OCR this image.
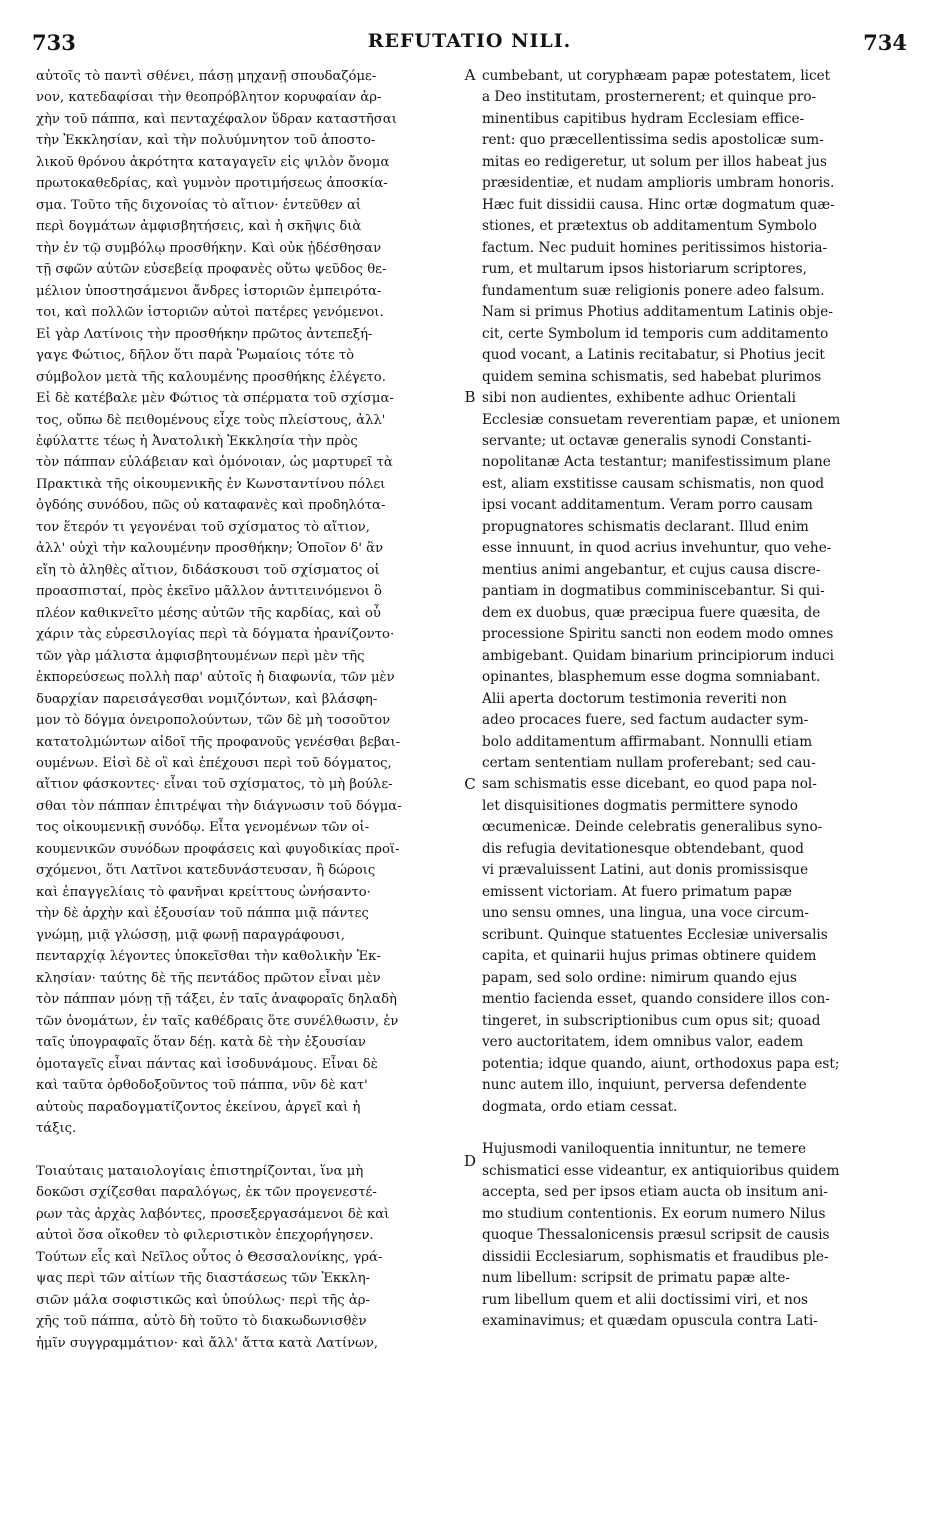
733	REFUTATIO NILI.	734
αὐτοῖς τὸ παντὶ σθένει, πάσῃ μηχανῇ σπουδαζόμε-
νον, κατεδαφίσαι τὴν θεοπρόβλητον κορυφαίαν ἀρ-
χὴν τοῦ πάππα, καὶ πενταχέφαλον ὕδραν καταστῆσαι
τὴν Ἐκκλησίαν, καὶ τὴν πολυύμνητον τοῦ ἀποστο-
λικοῦ θρόνου ἀκρότητα καταγαγεῖν εἰς ψιλὸν ὄνομα
πρωτοκαθεδρίας, καὶ γυμνὸν προτιμήσεως ἀποσκία-
σμα. Τοῦτο τῆς διχονοίας τὸ αἴτιον· ἐντεῦθεν αἱ
περὶ δογμάτων ἀμφισβητήσεις, καὶ ἡ σκῆψις διὰ
τὴν ἐν τῷ συμβόλῳ προσθήκην. Καὶ οὐκ ᾐδέσθησαν
τῇ σφῶν αὐτῶν εὐσεβείᾳ προφανὲς οὕτω ψεῦδος θε-
μέλιον ὑποστησάμενοι ἄνδρες ἱστοριῶν ἐμπειρότα-
τοι, καὶ πολλῶν ἱστοριῶν αὐτοὶ πατέρες γενόμενοι.
Εἰ γὰρ Λατίνοις τὴν προσθήκην πρῶτος ἀντεπεξή-
γαγε Φώτιος, δῆλον ὅτι παρὰ Ῥωμαίοις τότε τὸ
σύμβολον μετὰ τῆς καλουμένης προσθήκης ἐλέγετο.
Εἰ δὲ κατέβαλε μὲν Φώτιος τὰ σπέρματα τοῦ σχίσμα-
τος, οὔπω δὲ πειθομένους εἶχε τοὺς πλείστους, ἀλλ'
ἐφύλαττε τέως ἡ Ἀνατολικὴ Ἐκκλησία τὴν πρὸς
τὸν πάππαν εὐλάβειαν καὶ ὁμόνοιαν, ὡς μαρτυρεῖ τὰ
Πρακτικὰ τῆς οἰκουμενικῆς ἐν Κωνσταντίνου πόλει
ὀγδόης συνόδου, πῶς οὐ καταφανὲς καὶ προδηλότα-
τον ἕτερόν τι γεγονέναι τοῦ σχίσματος τὸ αἴτιον,
ἀλλ' οὐχὶ τὴν καλουμένην προσθήκην; Ὁποῖον δ' ἂν
εἴη τὸ ἀληθὲς αἴτιον, διδάσκουσι τοῦ σχίσματος οἱ
προασπισταί, πρὸς ἐκεῖνο μᾶλλον ἀντιτεινόμενοι ὃ
πλέον καθικνεῖτο μέσης αὐτῶν τῆς καρδίας, καὶ οὗ
χάριν τὰς εὑρεσιλογίας περὶ τὰ δόγματα ἠρανίζοντο·
τῶν γὰρ μάλιστα ἀμφισβητουμένων περὶ μὲν τῆς
ἐκπορεύσεως πολλὴ παρ' αὐτοῖς ἡ διαφωνία, τῶν μὲν
δυαρχίαν παρεισάγεσθαι νομιζόντων, καὶ βλάσφη-
μον τὸ δόγμα ὀνειροπολούντων, τῶν δὲ μὴ τοσοῦτον
κατατολμώντων αἰδοῖ τῆς προφανοῦς γενέσθαι βεβαι-
ουμένων. Εἰσὶ δὲ οἳ καὶ ἐπέχουσι περὶ τοῦ δόγματος,
αἴτιον φάσκοντες· εἶναι τοῦ σχίσματος, τὸ μὴ βούλε-
σθαι τὸν πάππαν ἐπιτρέψαι τὴν διάγνωσιν τοῦ δόγμα-
τος οἰκουμενικῇ συνόδῳ. Εἶτα γενομένων τῶν οἰ-
κουμενικῶν συνόδων προφάσεις καὶ φυγοδικίας προϊ-
σχόμενοι, ὅτι Λατῖνοι κατεδυνάστευσαν, ἢ δώροις
καὶ ἐπαγγελίαις τὸ φανῆναι κρείττους ὠνήσαντο·
τὴν δὲ ἀρχὴν καὶ ἐξουσίαν τοῦ πάππα μιᾷ πάντες
γνώμῃ, μιᾷ γλώσσῃ, μιᾷ φωνῇ παραγράφουσι,
πενταρχίᾳ λέγοντες ὑποκεῖσθαι τὴν καθολικὴν Ἐκ-
κλησίαν· ταύτης δὲ τῆς πεντάδος πρῶτον εἶναι μὲν
τὸν πάππαν μόνῃ τῇ τάξει, ἐν ταῖς ἀναφοραῖς δηλαδὴ
τῶν ὀνομάτων, ἐν ταῖς καθέδραις ὅτε συνέλθωσιν, ἐν
ταῖς ὑπογραφαῖς ὅταν δέῃ. κατὰ δὲ τὴν ἐξουσίαν
ὁμοταγεῖς εἶναι πάντας καὶ ἰσοδυνάμους. Εἶναι δὲ
καὶ ταῦτα ὀρθοδοξοῦντος τοῦ πάππα, νῦν δὲ κατ'
αὐτοὺς παραδογματίζοντος ἐκείνου, ἀργεῖ καὶ ἡ
τάξις.
Τοιαύταις ματαιολογίαις ἐπιστηρίζονται, ἵνα μὴ
δοκῶσι σχίζεσθαι παραλόγως, ἐκ τῶν προγενεστέ-
ρων τὰς ἀρχὰς λαβόντες, προσεξεργασάμενοι δὲ καὶ
αὐτοὶ ὅσα οἴκοθεν τὸ φιλεριστικὸν ἐπεχορήγησεν.
Τούτων εἷς καὶ Νεῖλος οὗτος ὁ Θεσσαλονίκης, γρά-
ψας περὶ τῶν αἰτίων τῆς διαστάσεως τῶν Ἐκκλη-
σιῶν μάλα σοφιστικῶς καὶ ὑπούλως· περὶ τῆς ἀρ-
χῆς τοῦ πάππα, αὐτὸ δὴ τοῦτο τὸ διακωδωνισθὲν
ἡμῖν συγγραμμάτιον· καὶ ἄλλ' ἄττα κατὰ Λατίνων,
cumbebant, ut coryphæam papæ potestatem, licet
a Deo institutam, prosternerent; et quinque pro-
minentibus capitibus hydram Ecclesiam effice-
rent: quo præcellentissima sedis apostolicæ sum-
mitas eo redigeretur, ut solum per illos habeat jus
præsidentiæ, et nudam amplioris umbram honoris.
Hæc fuit dissidii causa. Hinc ortæ dogmatum quæ-
stiones, et prætextus ob additamentum Symbolo
factum. Nec puduit homines peritissimos historia-
rum, et multarum ipsos historiarum scriptores,
fundamentum suæ religionis ponere adeo falsum.
Nam si primus Photius additamentum Latinis obje-
cit, certe Symbolum id temporis cum additamento
quod vocant, a Latinis recitabatur, si Photius jecit
quidem semina schismatis, sed habebat plurimos
sibi non audientes, exhibente adhuc Orientali
Ecclesiæ consuetam reverentiam papæ, et unionem
servante; ut octavæ generalis synodi Constanti-
nopolitanæ Acta testantur; manifestissimum plane
est, aliam exstitisse causam schismatis, non quod
ipsi vocant additamentum. Veram porro causam
propugnatores schismatis declarant. Illud enim
esse innuunt, in quod acrius invehuntur, quo vehe-
mentius animi angebantur, et cujus causa discre-
pantiam in dogmatibus comminiscebantur. Si qui-
dem ex duobus, quæ præcipua fuere quæsita, de
processione Spiritu sancti non eodem modo omnes
ambigebant. Quidam binarium principiorum induci
opinantes, blasphemum esse dogma somniabant.
Alii aperta doctorum testimonia reveriti non
adeo procaces fuere, sed factum audacter sym-
bolo additamentum affirmabant. Nonnulli etiam
certam sententiam nullam proferebant; sed cau-
sam schismatis esse dicebant, eo quod papa nol-
let disquisitiones dogmatis permittere synodo
œcumenicæ. Deinde celebratis generalibus syno-
dis refugia devitationesque obtendebant, quod
vi prævaluissent Latini, aut donis promissisque
emissent victoriam. At fuero primatum papæ
uno sensu omnes, una lingua, una voce circum-
scribunt. Quinque statuentes Ecclesiæ universalis
capita, et quinarii hujus primas obtinere quidem
papam, sed solo ordine: nimirum quando ejus
mentio facienda esset, quando considere illos con-
tingeret, in subscriptionibus cum opus sit; quoad
vero auctoritatem, idem omnibus valor, eadem
potentia; idque quando, aiunt, orthodoxus papa est;
nunc autem illo, inquiunt, perversa defendente
dogmata, ordo etiam cessat.
Hujusmodi vaniloquentia innituntur, ne temere
schismatici esse videantur, ex antiquioribus quidem
accepta, sed per ipsos etiam aucta ob insitum ani-
mo studium contentionis. Ex eorum numero Nilus
quoque Thessalonicensis præsul scripsit de causis
dissidii Ecclesiarum, sophismatis et fraudibus ple-
num libellum: scripsit de primatu papæ alte-
rum libellum quem et alii doctissimi viri, et nos
examinavimus; et quædam opuscula contra Lati-
A
B
C
D
